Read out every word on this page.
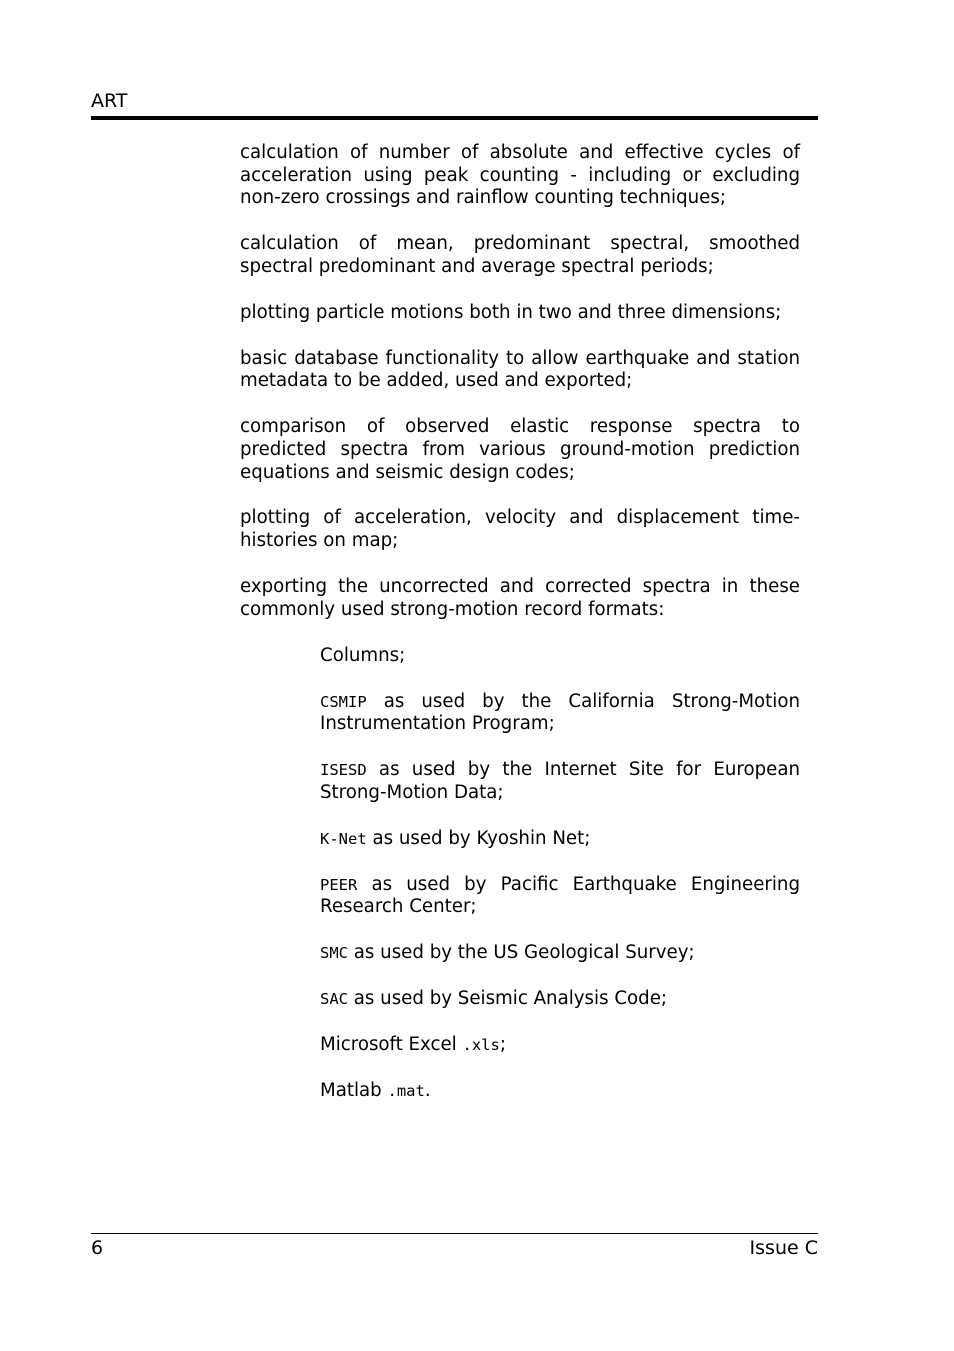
ART

calculation of number of absolute and effective cycles of acceleration using peak counting - including or excluding non-zero crossings and rainflow counting techniques;

calculation of mean, predominant spectral, smoothed spectral predominant and average spectral periods;

plotting particle motions both in two and three dimensions;

basic database functionality to allow earthquake and station metadata to be added, used and exported;

comparison of observed elastic response spectra to predicted spectra from various ground-motion prediction equations and seismic design codes;

plotting of acceleration, velocity and displacement time-histories on map;

exporting the uncorrected and corrected spectra in these commonly used strong-motion record formats:

Columns;
CSMIP as used by the California Strong-Motion Instrumentation Program;
ISESD as used by the Internet Site for European Strong-Motion Data;
K-Net as used by Kyoshin Net;
PEER as used by Pacific Earthquake Engineering Research Center;
SMC as used by the US Geological Survey;
SAC as used by Seismic Analysis Code;
Microsoft Excel .xls;
Matlab .mat.
6	Issue C
